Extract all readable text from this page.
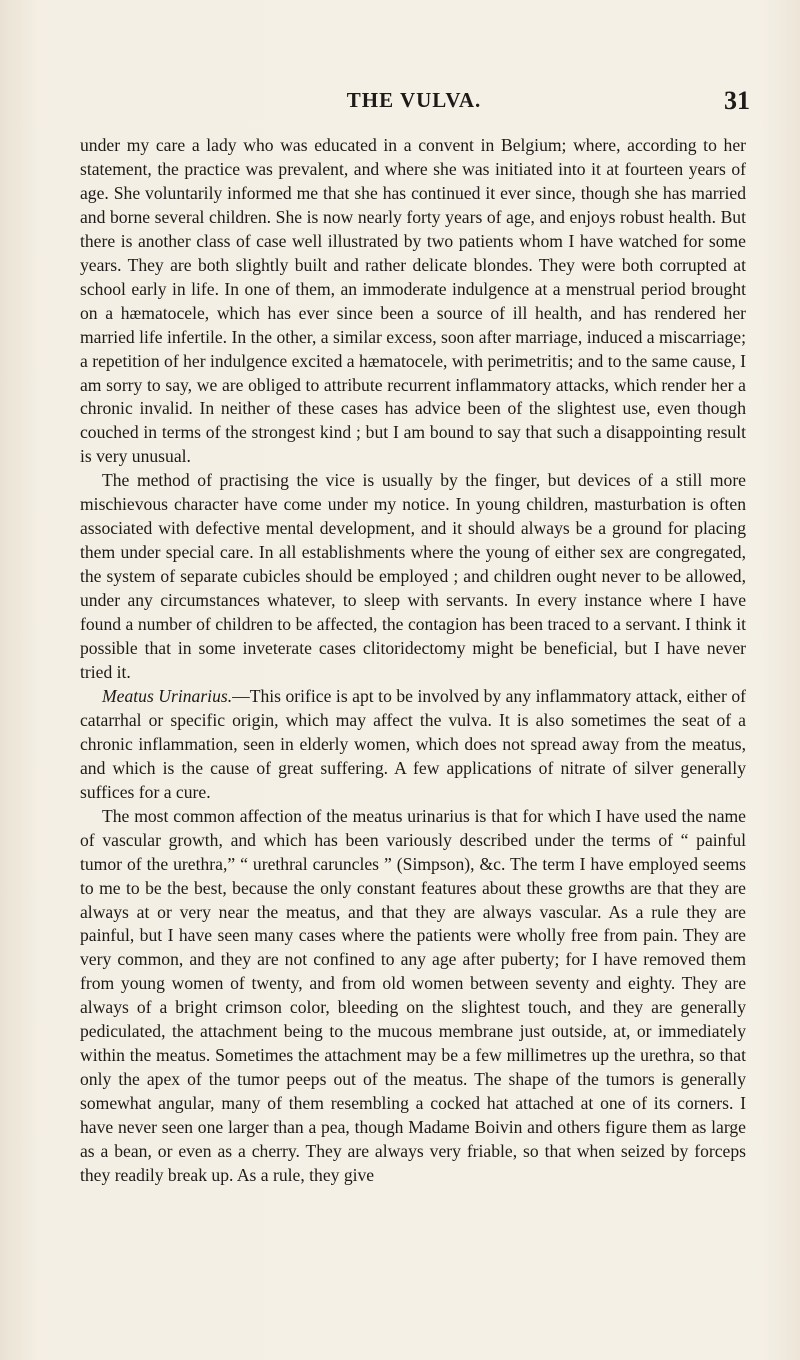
THE VULVA.	31

under my care a lady who was educated in a convent in Belgium; where, according to her statement, the practice was prevalent, and where she was initiated into it at fourteen years of age. She voluntarily informed me that she has continued it ever since, though she has married and borne several children. She is now nearly forty years of age, and enjoys robust health. But there is another class of case well illustrated by two patients whom I have watched for some years. They are both slightly built and rather delicate blondes. They were both corrupted at school early in life. In one of them, an immoderate indulgence at a menstrual period brought on a hæmatocele, which has ever since been a source of ill health, and has rendered her married life infertile. In the other, a similar excess, soon after marriage, induced a miscarriage; a repetition of her indulgence excited a hæmatocele, with perimetritis; and to the same cause, I am sorry to say, we are obliged to attribute recurrent inflammatory attacks, which render her a chronic invalid. In neither of these cases has advice been of the slightest use, even though couched in terms of the strongest kind ; but I am bound to say that such a disappointing result is very unusual.

The method of practising the vice is usually by the finger, but devices of a still more mischievous character have come under my notice. In young children, masturbation is often associated with defective mental development, and it should always be a ground for placing them under special care. In all establishments where the young of either sex are congregated, the system of separate cubicles should be employed ; and children ought never to be allowed, under any circumstances whatever, to sleep with servants. In every instance where I have found a number of children to be affected, the contagion has been traced to a servant. I think it possible that in some inveterate cases clitoridectomy might be beneficial, but I have never tried it.

Meatus Urinarius.—This orifice is apt to be involved by any inflammatory attack, either of catarrhal or specific origin, which may affect the vulva. It is also sometimes the seat of a chronic inflammation, seen in elderly women, which does not spread away from the meatus, and which is the cause of great suffering. A few applications of nitrate of silver generally suffices for a cure.

The most common affection of the meatus urinarius is that for which I have used the name of vascular growth, and which has been variously described under the terms of “ painful tumor of the urethra,” “ urethral caruncles ” (Simpson), &c. The term I have employed seems to me to be the best, because the only constant features about these growths are that they are always at or very near the meatus, and that they are always vascular. As a rule they are painful, but I have seen many cases where the patients were wholly free from pain. They are very common, and they are not confined to any age after puberty; for I have removed them from young women of twenty, and from old women between seventy and eighty. They are always of a bright crimson color, bleeding on the slightest touch, and they are generally pediculated, the attachment being to the mucous membrane just outside, at, or immediately within the meatus. Sometimes the attachment may be a few millimetres up the urethra, so that only the apex of the tumor peeps out of the meatus. The shape of the tumors is generally somewhat angular, many of them resembling a cocked hat attached at one of its corners. I have never seen one larger than a pea, though Madame Boivin and others figure them as large as a bean, or even as a cherry. They are always very friable, so that when seized by forceps they readily break up. As a rule, they give
